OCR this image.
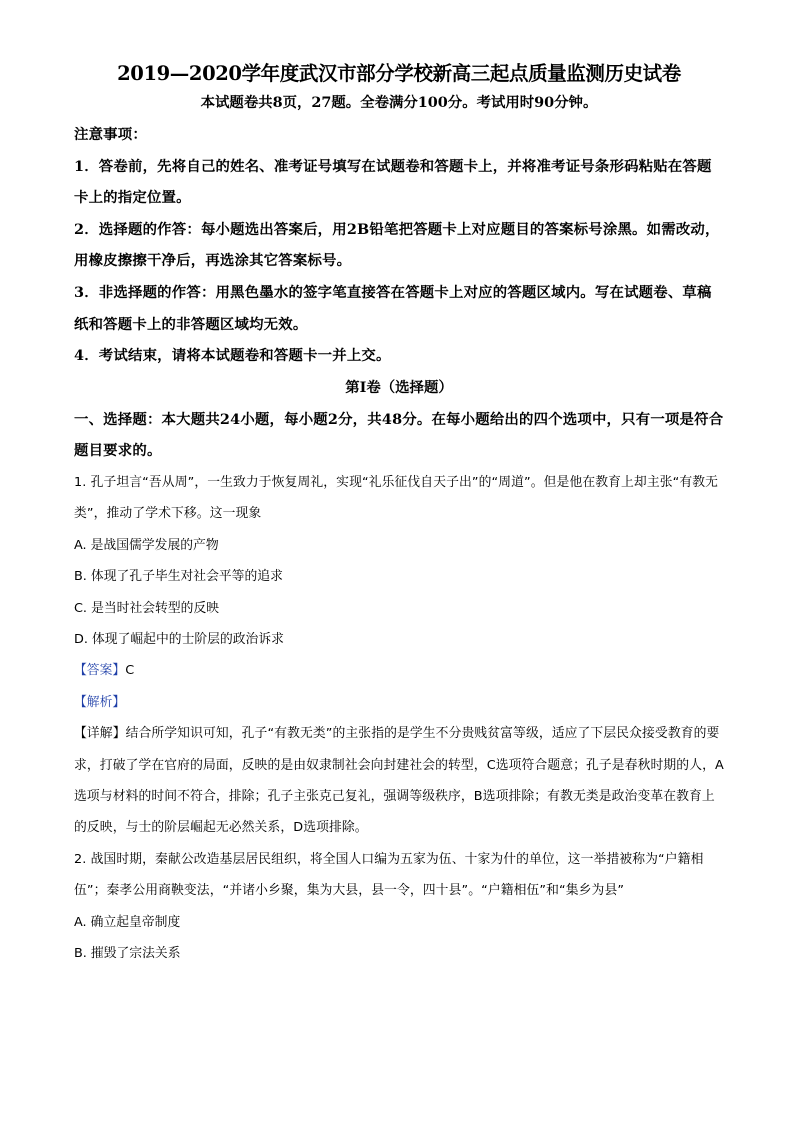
2019—2020学年度武汉市部分学校新高三起点质量监测历史试卷
本试题卷共8页，27题。全卷满分100分。考试用时90分钟。
注意事项：
1．答卷前，先将自己的姓名、准考证号填写在试题卷和答题卡上，并将准考证号条形码粘贴在答题卡上的指定位置。
2．选择题的作答：每小题选出答案后，用2B铅笔把答题卡上对应题目的答案标号涂黑。如需改动，用橡皮擦擦干净后，再选涂其它答案标号。
3．非选择题的作答：用黑色墨水的签字笔直接答在答题卡上对应的答题区域内。写在试题卷、草稿纸和答题卡上的非答题区域均无效。
4．考试结束，请将本试题卷和答题卡一并上交。
第Ⅰ卷（选择题）
一、选择题：本大题共24小题，每小题2分，共48分。在每小题给出的四个选项中，只有一项是符合题目要求的。
1. 孔子坦言“吾从周”，一生致力于恢复周礼，实现“礼乐征伐自天子出”的“周道”。但是他在教育上却主张“有教无类”，推动了学术下移。这一现象
A. 是战国儒学发展的产物
B. 体现了孔子毕生对社会平等的追求
C. 是当时社会转型的反映
D. 体现了崛起中的士阶层的政治诉求
【答案】C
【解析】
【详解】结合所学知识可知，孔子“有教无类”的主张指的是学生不分贵贱贫富等级，适应了下层民众接受教育的要求，打破了学在官府的局面，反映的是由奴隶制社会向封建社会的转型，C选项符合题意；孔子是春秋时期的人，A选项与材料的时间不符合，排除；孔子主张克己复礼，强调等级秩序，B选项排除；有教无类是政治变革在教育上的反映，与士的阶层崛起无必然关系，D选项排除。
2. 战国时期，秦献公改造基层居民组织，将全国人口编为五家为伍、十家为什的单位，这一举措被称为“户籍相伍”；秦孝公用商鞅变法，“并诸小乡聚，集为大县，县一令，四十县”。“户籍相伍”和“集乡为县”
A. 确立起皇帝制度
B. 摧毁了宗法关系
